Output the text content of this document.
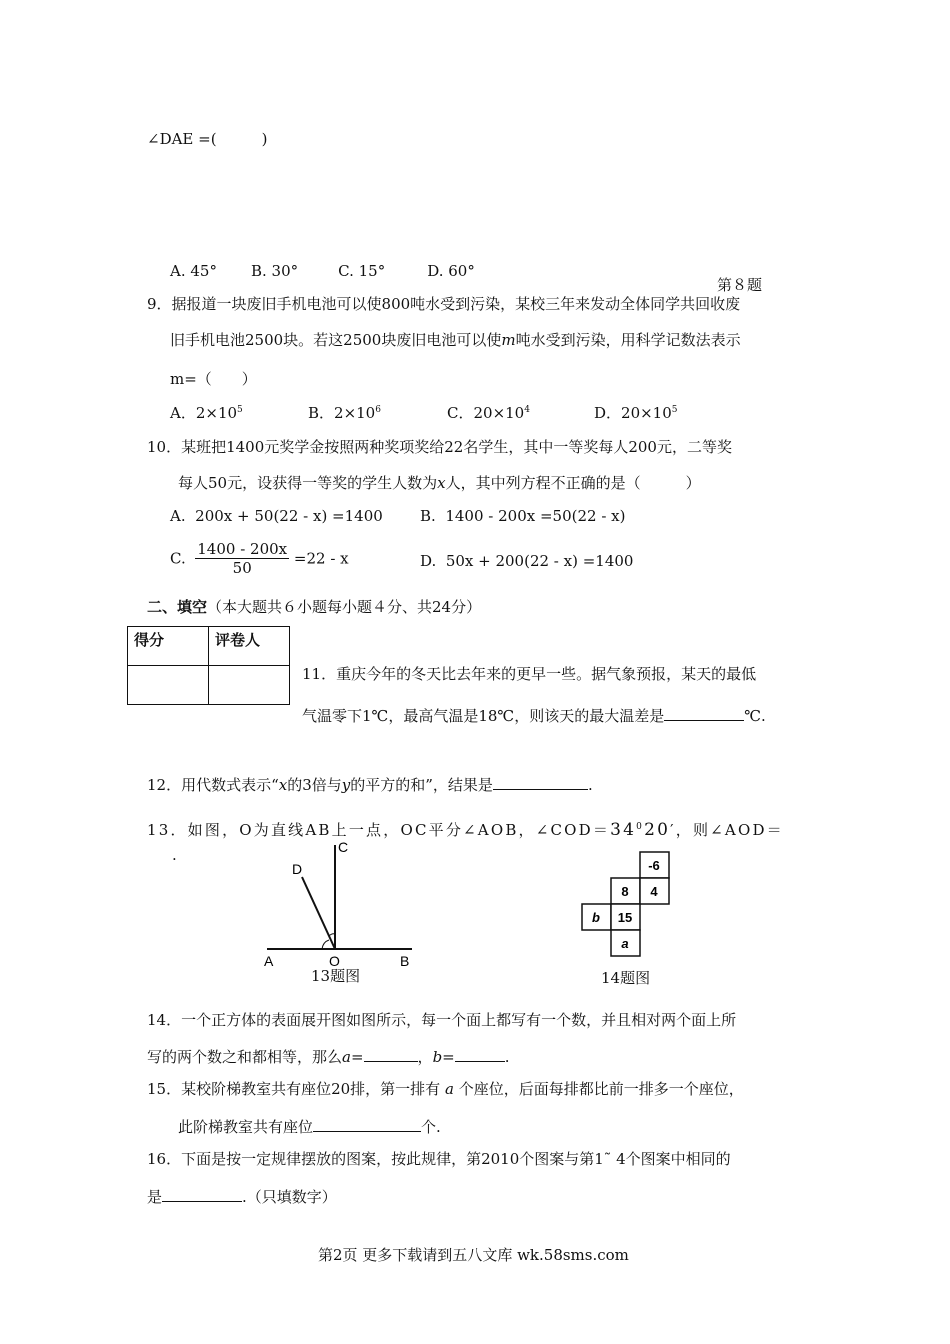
∠DAE =(　　　)
A. 45° B. 30°	C. 15°	D. 60°
第８题
9．据报道一块废旧手机电池可以使800吨水受到污染，某校三年来发动全体同学共回收废
旧手机电池2500块。若这2500块废旧电池可以使m吨水受到污染，用科学记数法表示
m=（　　）
A．$2\times 10^5$	B．$2\times 10^6$	C．$20\times 10^4$	D．$20\times 10^5$
10．某班把1400元奖学金按照两种奖项奖给22名学生，其中一等奖每人200元，二等奖
每人50元，设获得一等奖的学生人数为x人，其中列方程不正确的是（　　　）
A. 200x + 50(22 - x) =1400 B. 1400 - 200x =50(22 - x)
C. $\frac{1400 - 200x}{50} =22 - x$	D. 50x + 200(22 - x) =1400
二、填空（本大题共６小题每小题４分、共24分）
得分	评卷人

11．重庆今年的冬天比去年来的更早一些。据气象预报，某天的最低
气温零下1℃，最高气温是18℃，则该天的最大温差是	℃.
12．用代数式表示“x的3倍与y的平方的和”，结果是	.
13．如图，O为直线AB上一点，OC平分∠AOB，$\angle COD=34^020'$，则∠AOD＝
.	C
D
A	O	B
13题图
-6
8 4
b 15
a
14题图
14．一个正方体的表面展开图如图所示，每一个面上都写有一个数，并且相对两个面上所
写的两个数之和都相等，那么a=	，b=	.
15．某校阶梯教室共有座位20排，第一排有 a 个座位，后面每排都比前一排多一个座位，
此阶梯教室共有座位	个.
16．下面是按一定规律摆放的图案，按此规律，第2010个图案与第1˜ 4个图案中相同的
是	.（只填数字）
第2页 更多下载请到五八文库 wk.58sms.com
